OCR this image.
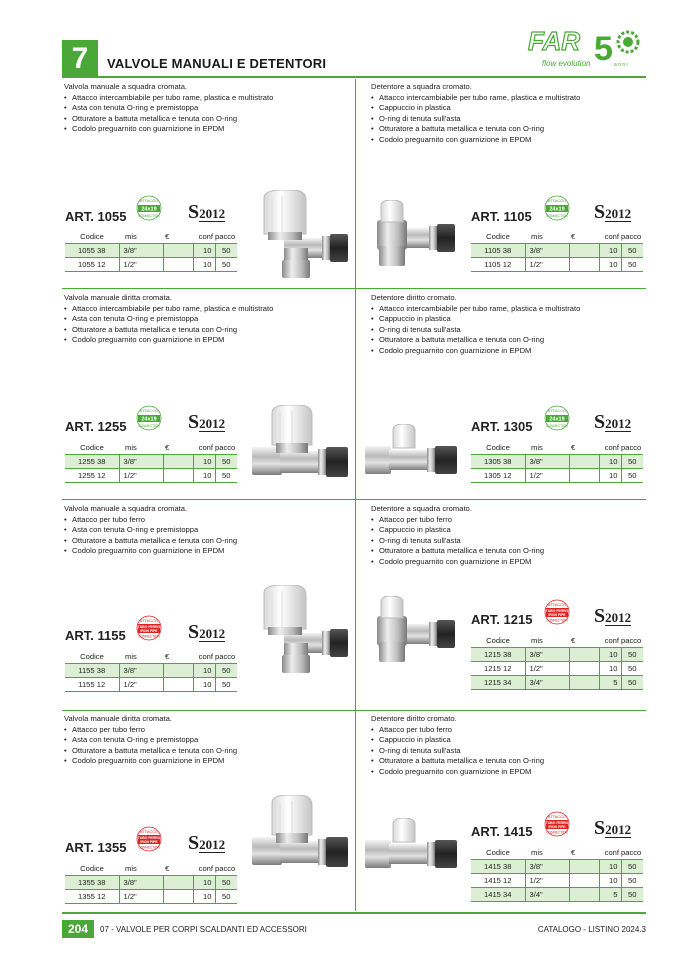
7	VALVOLE MANUALI E DETENTORI
FAR 5
flow evolution	a n n i
Valvola manuale a squadra cromata.
• Attacco intercambiabile per tubo rame, plastica e multistrato
• Asta con tenuta O-ring e premistoppa
• Otturatore a battuta metallica e tenuta con O-ring
• Codolo preguarnito con guarnizione in EPDM
ART. 1055
ATTACCO
24x19
CONNECTION S2012
Codice	mis	€	conf	pacco
1055 38	3/8"		10	50
1055 12	1/2"		10	50
Detentore a squadra cromato.
• Attacco intercambiabile per tubo rame, plastica e multistrato
• Cappuccio in plastica
• O-ring di tenuta sull'asta
• Otturatore a battuta metallica e tenuta con O-ring
• Codolo preguarnito con guarnizione in EPDM
ART. 1105
ATTACCO
24x19
CONNECTION S2012
Codice	mis	€	conf	pacco
1105 38	3/8"		10	50
1105 12	1/2"		10	50
Valvola manuale diritta cromata.
• Attacco intercambiabile per tubo rame, plastica e multistrato
• Asta con tenuta O-ring e premistoppa
• Otturatore a battuta metallica e tenuta con O-ring
• Codolo preguarnito con guarnizione in EPDM
ART. 1255
ATTACCO
24x19
CONNECTION S2012
Codice	mis	€	conf	pacco
1255 38	3/8"		10	50
1255 12	1/2"		10	50
Detentore diritto cromato.
• Attacco intercambiabile per tubo rame, plastica e multistrato
• Cappuccio in plastica
• O-ring di tenuta sull'asta
• Otturatore a battuta metallica e tenuta con O-ring
• Codolo preguarnito con guarnizione in EPDM
ART. 1305
ATTACCO
24x19
CONNECTION S2012
Codice	mis	€	conf	pacco
1305 38	3/8"		10	50
1305 12	1/2"		10	50
Valvola manuale a squadra cromata.
• Attacco per tubo ferro
• Asta con tenuta O-ring e premistoppa
• Otturatore a battuta metallica e tenuta con O-ring
• Codolo preguarnito con guarnizione in EPDM
ART. 1155
ATTACCO
TUBO FERRO
IRON PIPE
CONNECTION S2012
Codice	mis	€	conf	pacco
1155 38	3/8"		10	50
1155 12	1/2"		10	50
Detentore a squadra cromato.
• Attacco per tubo ferro
• Cappuccio in plastica
• O-ring di tenuta sull'asta
• Otturatore a battuta metallica e tenuta con O-ring
• Codolo preguarnito con guarnizione in EPDM
ART. 1215
ATTACCO
TUBO FERRO
IRON PIPE
CONNECTION S2012
Codice	mis	€	conf	pacco
1215 38	3/8"		10	50
1215 12	1/2"		10	50
1215 34	3/4"		5	50
Valvola manuale diritta cromata.
• Attacco per tubo ferro
• Asta con tenuta O-ring e premistoppa
• Otturatore a battuta metallica e tenuta con O-ring
• Codolo preguarnito con guarnizione in EPDM
ART. 1355
ATTACCO
TUBO FERRO
IRON PIPE
CONNECTION S2012
Codice	mis	€	conf	pacco
1355 38	3/8"		10	50
1355 12	1/2"		10	50
Detentore diritto cromato.
• Attacco per tubo ferro
• Cappuccio in plastica
• O-ring di tenuta sull'asta
• Otturatore a battuta metallica e tenuta con O-ring
• Codolo preguarnito con guarnizione in EPDM
ART. 1415
ATTACCO
TUBO FERRO
IRON PIPE
CONNECTION S2012
Codice	mis	€	conf	pacco
1415 38	3/8"		10	50
1415 12	1/2"		10	50
1415 34	3/4"		5	50
204	07 - VALVOLE PER CORPI SCALDANTI ED ACCESSORI	CATALOGO - LISTINO 2024.3
